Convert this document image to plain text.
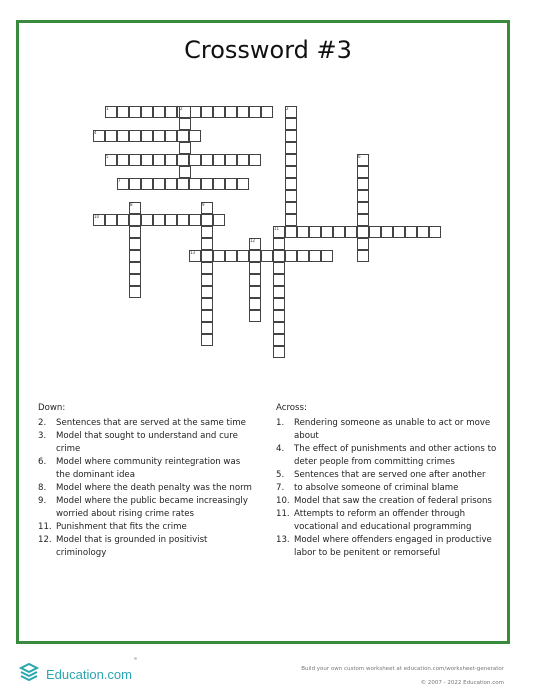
Crossword #3
1	2
4
5	6
7
8	9
10
11
12
13
2
Down:
2.	Sentences that are served at the same time
3.	Model that sought to understand and cure crime
6.	Model where community reintegration was the dominant idea
8.	Model where the death penalty was the norm
9.	Model where the public became increasingly worried about rising crime rates
11. Punishment that fits the crime
12. Model that is grounded in positivist criminology
Across:
1.	Rendering someone as unable to act or move about
4.	The effect of punishments and other actions to deter people from committing crimes
5.	Sentences that are served one after another
7.	to absolve someone of criminal blame
10. Model that saw the creation of federal prisons
11. Attempts to reform an offender through vocational and educational programming
13. Model where offenders engaged in productive labor to be penitent or remorseful
Education.com	Build your own custom worksheet at education.com/worksheet-generator
© 2007 - 2022 Education.com
